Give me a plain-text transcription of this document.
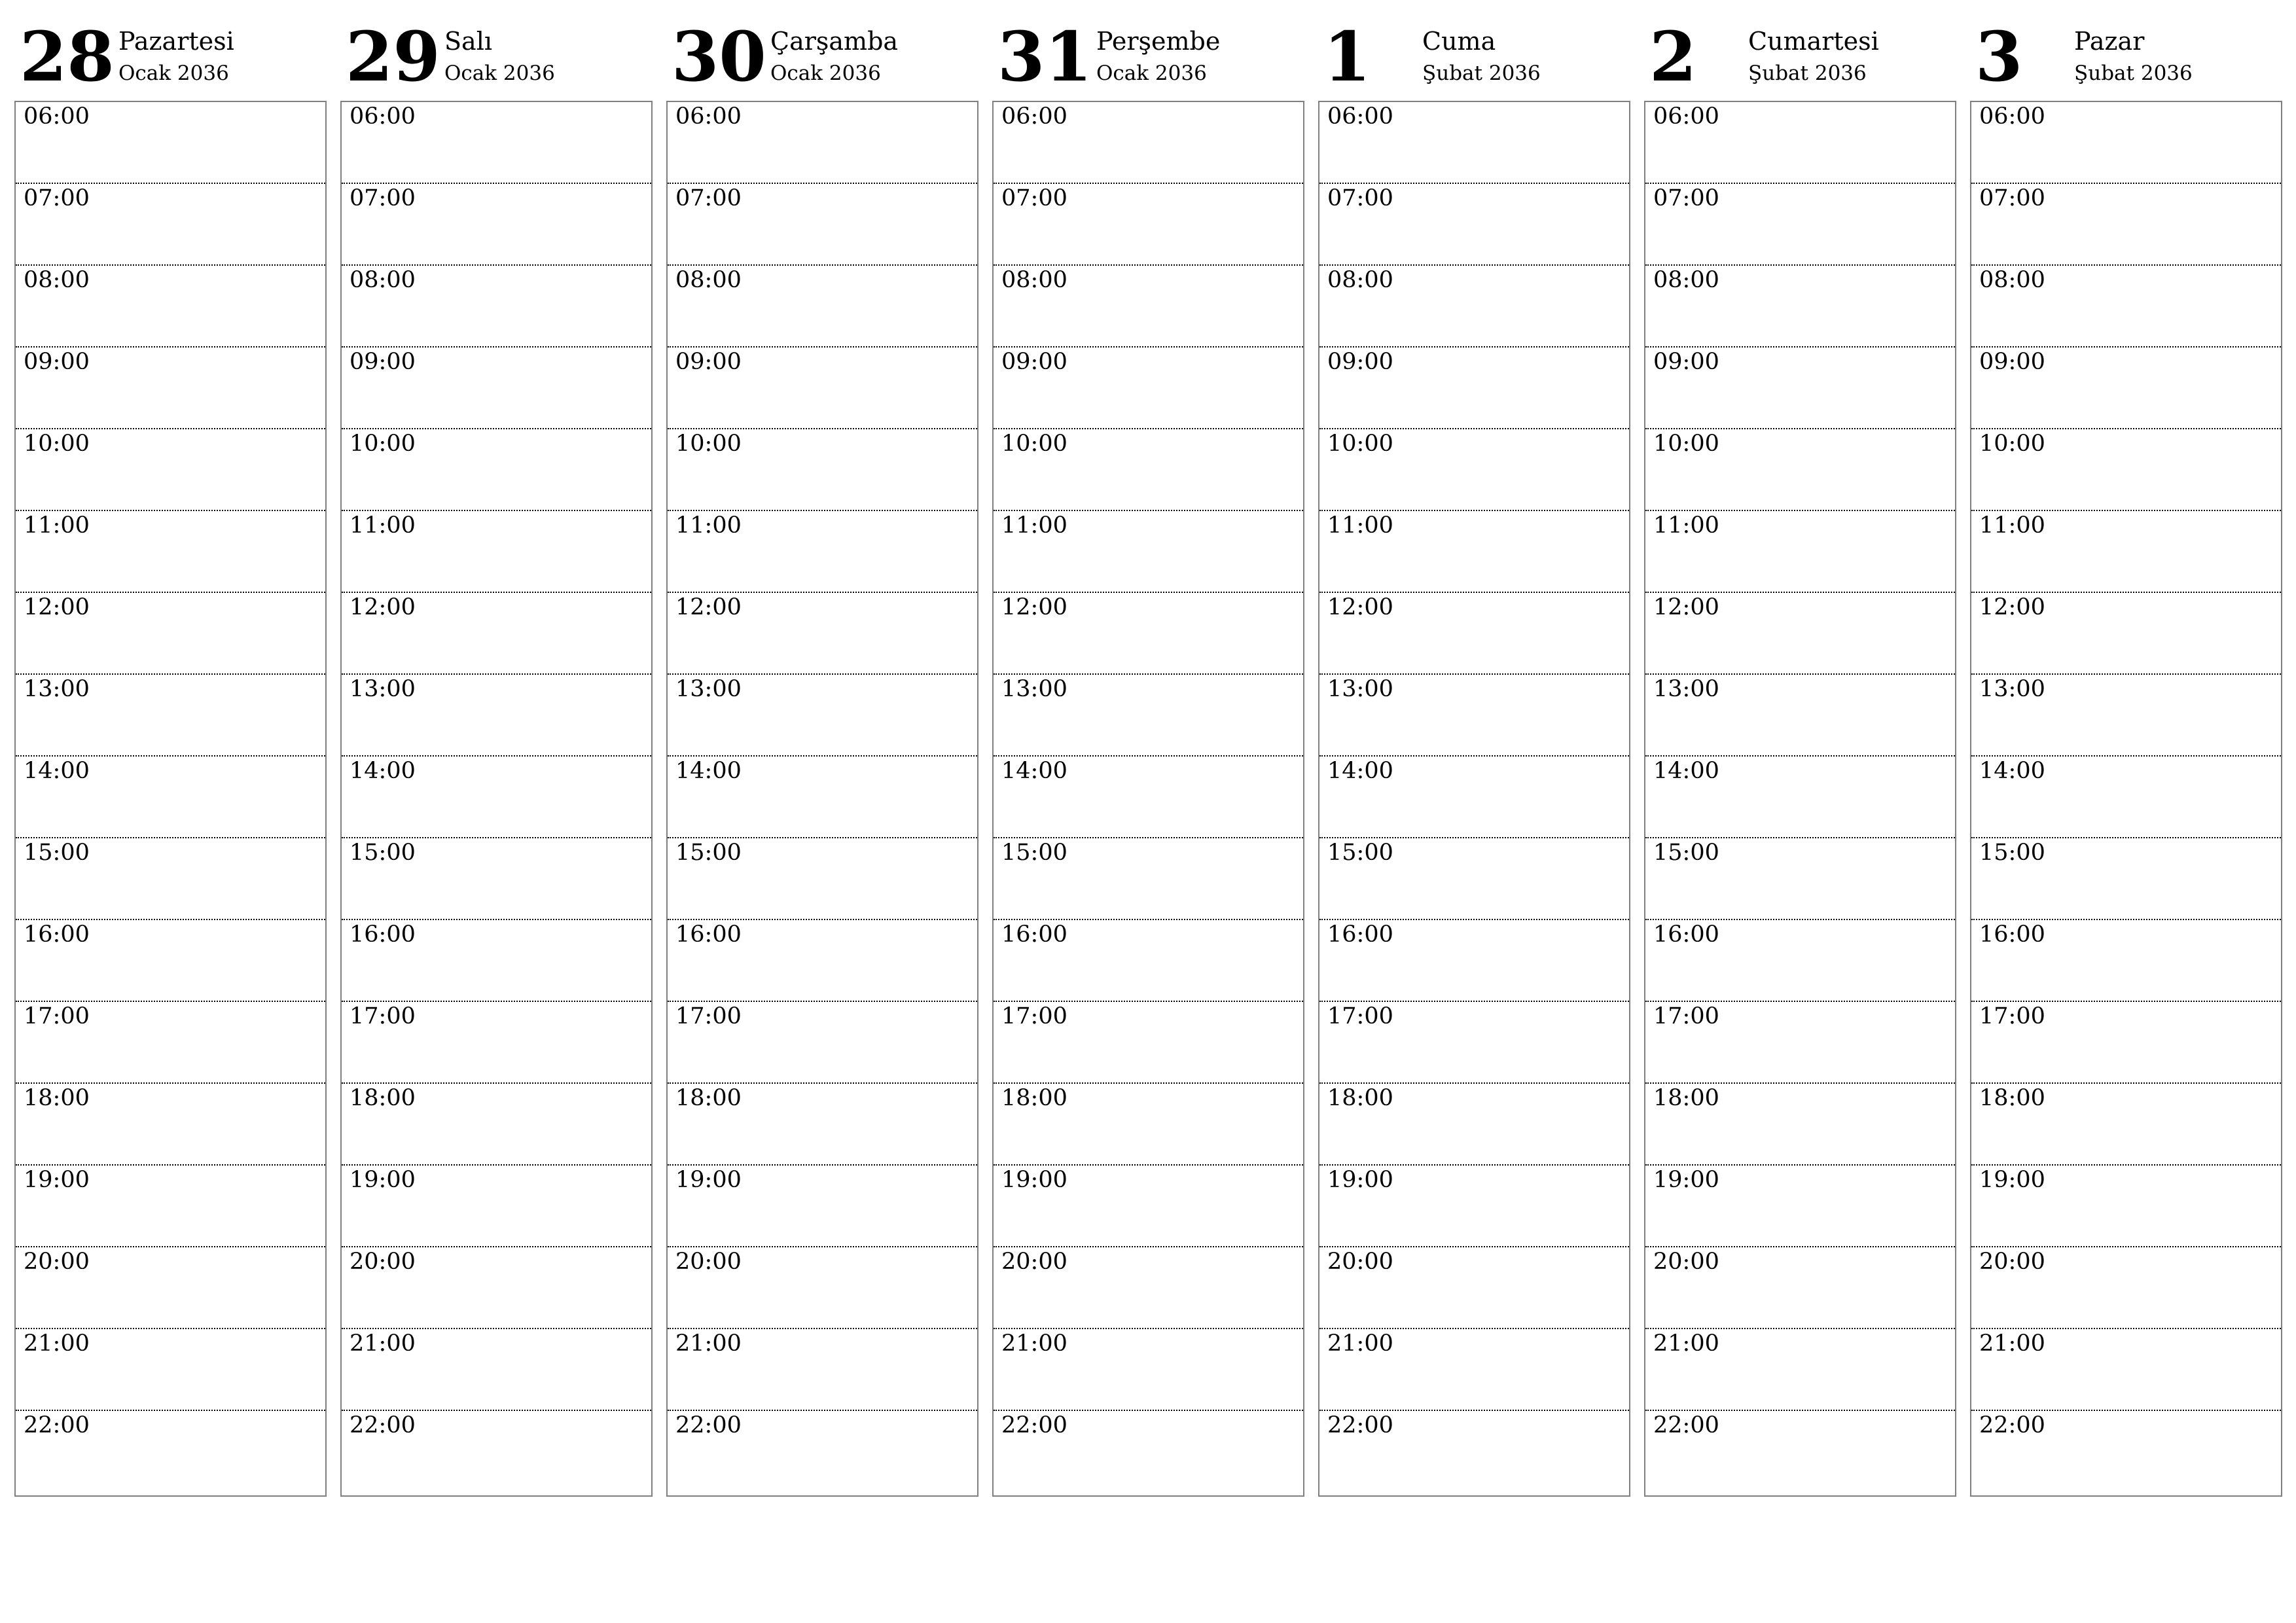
28 Pazartesi
Ocak 2036
06:00
07:00
08:00
09:00
10:00
11:00
12:00
13:00
14:00
15:00
16:00
17:00
18:00
19:00
20:00
21:00
22:00
29 Salı
Ocak 2036
06:00
07:00
08:00
09:00
10:00
11:00
12:00
13:00
14:00
15:00
16:00
17:00
18:00
19:00
20:00
21:00
22:00
30 Çarşamba
Ocak 2036
06:00
07:00
08:00
09:00
10:00
11:00
12:00
13:00
14:00
15:00
16:00
17:00
18:00
19:00
20:00
21:00
22:00
31 Perşembe
Ocak 2036
06:00
07:00
08:00
09:00
10:00
11:00
12:00
13:00
14:00
15:00
16:00
17:00
18:00
19:00
20:00
21:00
22:00
1 Cuma
Şubat 2036
06:00
07:00
08:00
09:00
10:00
11:00
12:00
13:00
14:00
15:00
16:00
17:00
18:00
19:00
20:00
21:00
22:00
2 Cumartesi
Şubat 2036
06:00
07:00
08:00
09:00
10:00
11:00
12:00
13:00
14:00
15:00
16:00
17:00
18:00
19:00
20:00
21:00
22:00
3 Pazar
Şubat 2036
06:00
07:00
08:00
09:00
10:00
11:00
12:00
13:00
14:00
15:00
16:00
17:00
18:00
19:00
20:00
21:00
22:00
